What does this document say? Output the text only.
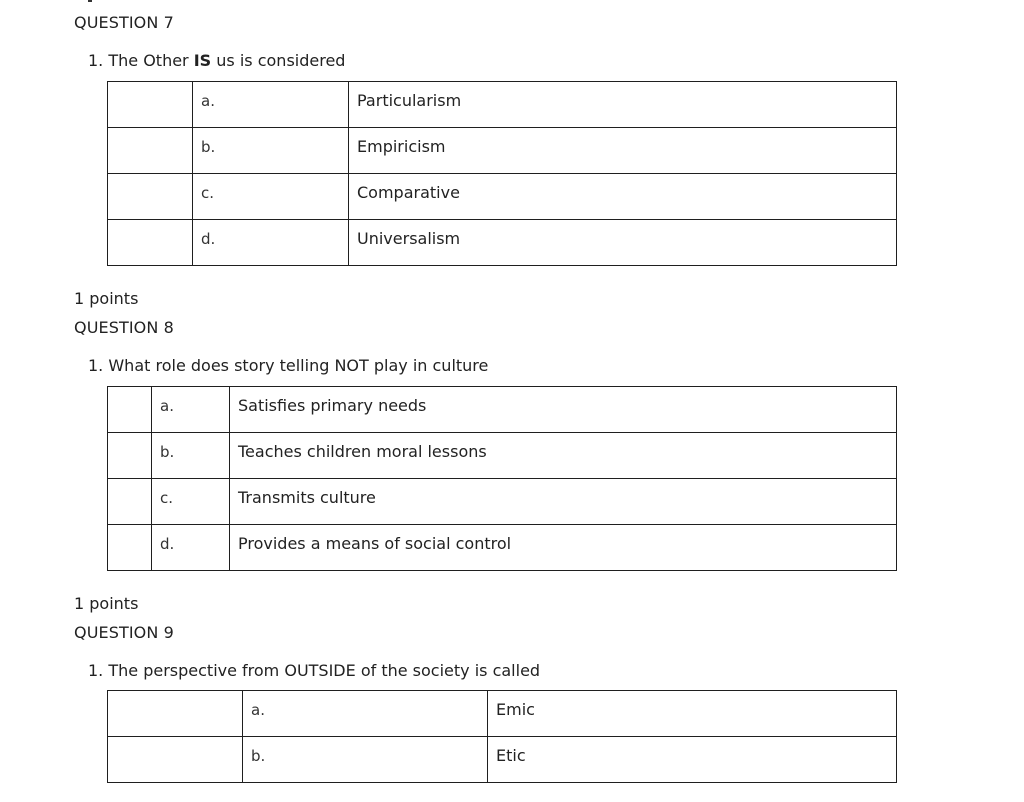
QUESTION 7
1. The Other IS us is considered

	a.	Particularism

	b.	Empiricism

	c.	Comparative

	d.	Universalism
1 points
QUESTION 8
1. What role does story telling NOT play in culture

	a.	Satisfies primary needs

	b.	Teaches children moral lessons

	c.	Transmits culture

	d.	Provides a means of social control
1 points
QUESTION 9
1. The perspective from OUTSIDE of the society is called

	a.	Emic

	b.	Etic
